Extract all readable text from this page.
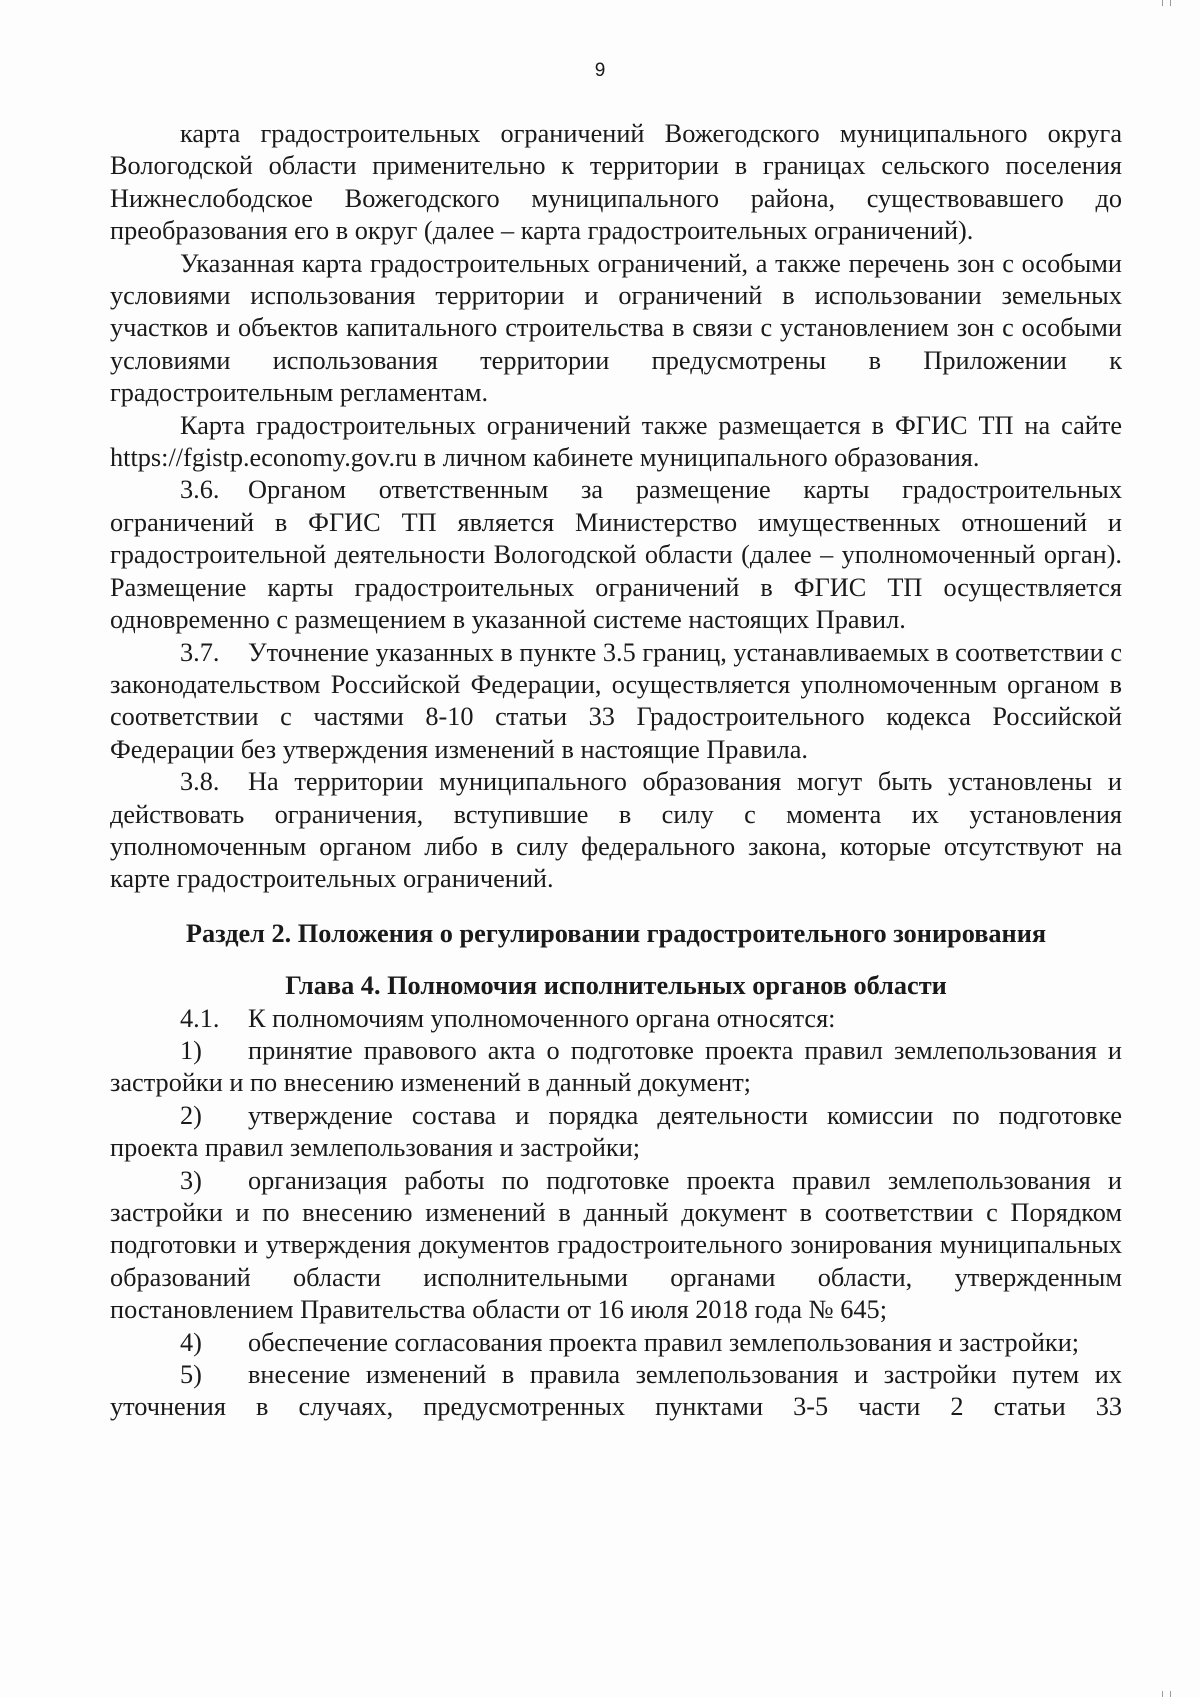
9

карта градостроительных ограничений Вожегодского муниципального округа Вологодской области применительно к территории в границах сельского поселения Нижнеслободское Вожегодского муниципального района, существовавшего до преобразования его в округ (далее – карта градостроительных ограничений).

Указанная карта градостроительных ограничений, а также перечень зон с особыми условиями использования территории и ограничений в использовании земельных участков и объектов капитального строительства в связи с установлением зон с особыми условиями использования территории предусмотрены в Приложении к градостроительным регламентам.

Карта градостроительных ограничений также размещается в ФГИС ТП на сайте https://fgistp.economy.gov.ru в личном кабинете муниципального образования.

3.6. Органом ответственным за размещение карты градостроительных ограничений в ФГИС ТП является Министерство имущественных отношений и градостроительной деятельности Вологодской области (далее – уполномоченный орган). Размещение карты градостроительных ограничений в ФГИС ТП осуществляется одновременно с размещением в указанной системе настоящих Правил.

3.7. Уточнение указанных в пункте 3.5 границ, устанавливаемых в соответствии с законодательством Российской Федерации, осуществляется уполномоченным органом в соответствии с частями 8-10 статьи 33 Градостроительного кодекса Российской Федерации без утверждения изменений в настоящие Правила.

3.8. На территории муниципального образования могут быть установлены и действовать ограничения, вступившие в силу с момента их установления уполномоченным органом либо в силу федерального закона, которые отсутствуют на карте градостроительных ограничений.

Раздел 2. Положения о регулировании градостроительного зонирования

Глава 4. Полномочия исполнительных органов области

4.1. К полномочиям уполномоченного органа относятся:

1) принятие правового акта о подготовке проекта правил землепользования и застройки и по внесению изменений в данный документ;

2) утверждение состава и порядка деятельности комиссии по подготовке проекта правил землепользования и застройки;

3) организация работы по подготовке проекта правил землепользования и застройки и по внесению изменений в данный документ в соответствии с Порядком подготовки и утверждения документов градостроительного зонирования муниципальных образований области исполнительными органами области, утвержденным постановлением Правительства области от 16 июля 2018 года № 645;

4) обеспечение согласования проекта правил землепользования и застройки;

5) внесение изменений в правила землепользования и застройки путем их уточнения в случаях, предусмотренных пунктами 3-5 части 2 статьи 33
